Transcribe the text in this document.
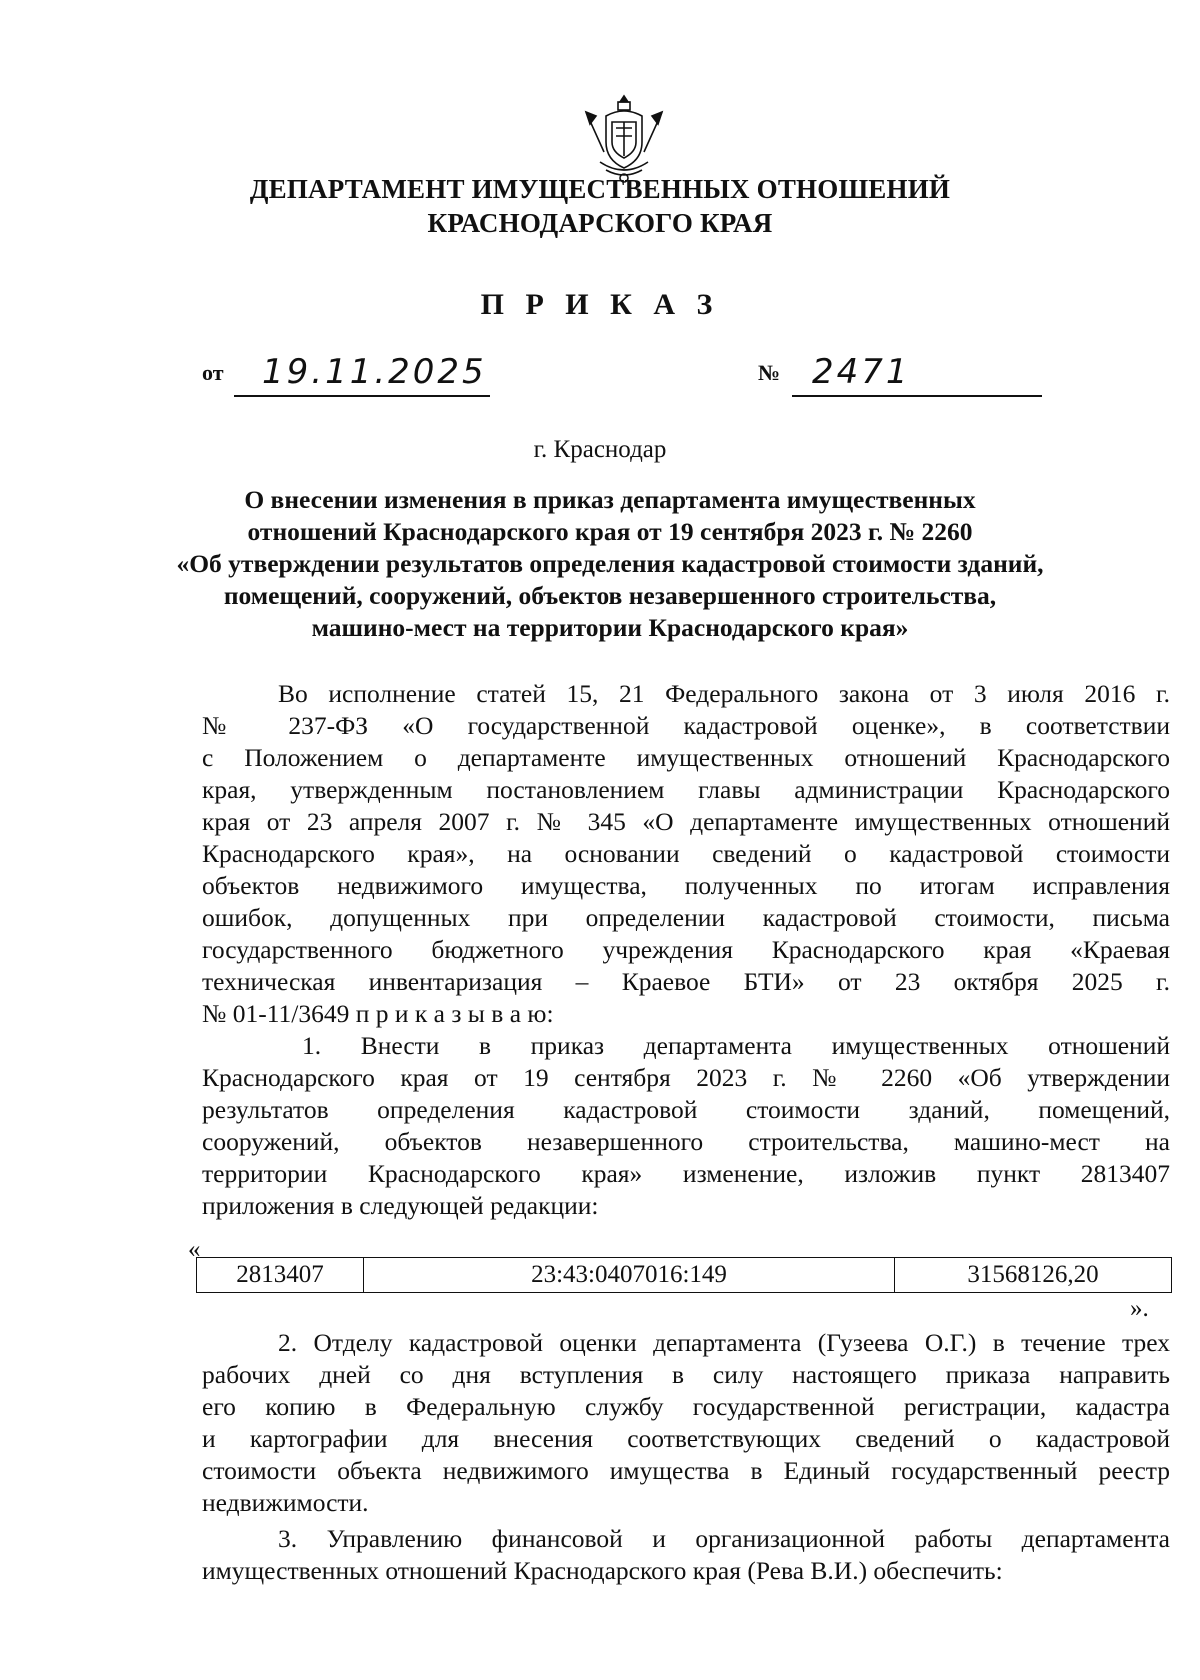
ДЕПАРТАМЕНТ ИМУЩЕСТВЕННЫХ ОТНОШЕНИЙ
КРАСНОДАРСКОГО КРАЯ
П Р И К А З
от 19.11.2025	№ 2471
г. Краснодар
О внесении изменения в приказ департамента имущественных
отношений Краснодарского края от 19 сентября 2023 г. № 2260
«Об утверждении результатов определения кадастровой стоимости зданий,
помещений, сооружений, объектов незавершенного строительства,
машино-мест на территории Краснодарского края»
Во исполнение статей 15, 21 Федерального закона от 3 июля 2016 г.
№ 237-ФЗ «О государственной кадастровой оценке», в соответствии
с Положением о департаменте имущественных отношений Краснодарского
края, утвержденным постановлением главы администрации Краснодарского
края от 23 апреля 2007 г. № 345 «О департаменте имущественных отношений
Краснодарского края», на основании сведений о кадастровой стоимости
объектов недвижимого имущества, полученных по итогам исправления
ошибок, допущенных при определении кадастровой стоимости, письма
государственного бюджетного учреждения Краснодарского края «Краевая
техническая инвентаризация – Краевое БТИ» от 23 октября 2025 г.
№ 01-11/3649 п р и к а з ы в а ю:
1. Внести в приказ департамента имущественных отношений
Краснодарского края от 19 сентября 2023 г. № 2260 «Об утверждении
результатов определения кадастровой стоимости зданий, помещений,
сооружений, объектов незавершенного строительства, машино-мест на
территории Краснодарского края» изменение, изложив пункт 2813407
приложения в следующей редакции:
«
2813407	23:43:0407016:149	31568126,20
».
2. Отделу кадастровой оценки департамента (Гузеева О.Г.) в течение трех
рабочих дней со дня вступления в силу настоящего приказа направить
его копию в Федеральную службу государственной регистрации, кадастра
и картографии для внесения соответствующих сведений о кадастровой
стоимости объекта недвижимого имущества в Единый государственный реестр
недвижимости.
3. Управлению финансовой и организационной работы департамента
имущественных отношений Краснодарского края (Рева В.И.) обеспечить:
